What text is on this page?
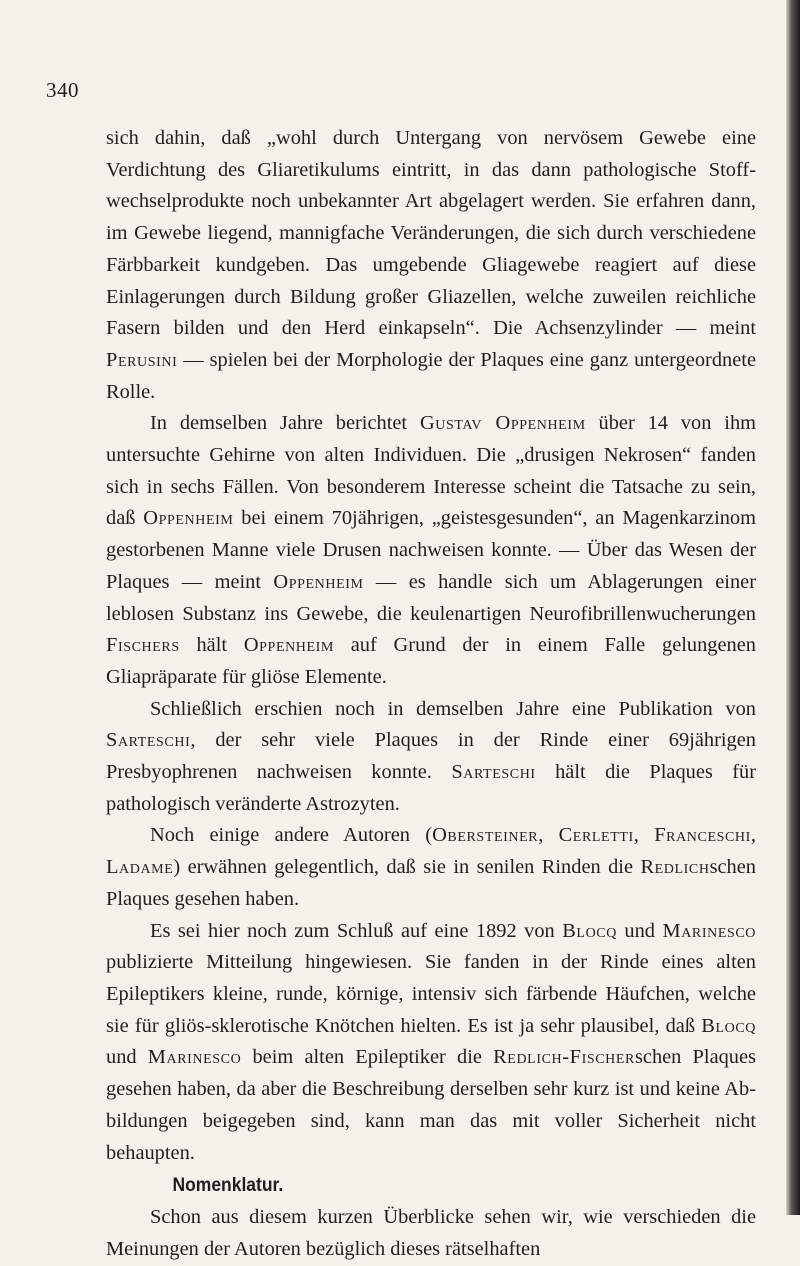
340

sich dahin, daß „wohl durch Untergang von nervösem Gewebe eine Verdichtung des Gliaretikulums eintritt, in das dann pathologische Stoffwechselprodukte noch unbekannter Art abgelagert werden. Sie erfahren dann, im Gewebe liegend, mannigfache Veränderungen, die sich durch verschiedene Färbbarkeit kundgeben. Das umgebende Gliagewebe reagiert auf diese Einlagerungen durch Bildung großer Gliazellen, welche zuweilen reichliche Fasern bilden und den Herd einkapseln“. Die Achsenzylinder — meint Perusini — spielen bei der Morphologie der Plaques eine ganz untergeordnete Rolle.

In demselben Jahre berichtet Gustav Oppenheim über 14 von ihm untersuchte Gehirne von alten Individuen. Die „drusigen Nekrosen“ fanden sich in sechs Fällen. Von besonderem Interesse scheint die Tatsache zu sein, daß Oppenheim bei einem 70jährigen, „geistesgesunden“, an Magenkarzinom gestorbenen Manne viele Drusen nachweisen konnte. — Über das Wesen der Plaques — meint Oppenheim — es handle sich um Ablagerungen einer leblosen Substanz ins Gewebe, die keulenartigen Neurofibrillenwucherungen Fischers hält Oppenheim auf Grund der in einem Falle gelungenen Gliapräparate für gliöse Elemente.

Schließlich erschien noch in demselben Jahre eine Publikation von Sarteschi, der sehr viele Plaques in der Rinde einer 69jährigen Presbyophrenen nachweisen konnte. Sarteschi hält die Plaques für pathologisch veränderte Astrozyten.

Noch einige andere Autoren (Obersteiner, Cerletti, Franceschi, Ladame) erwähnen gelegentlich, daß sie in senilen Rinden die Redlichschen Plaques gesehen haben.

Es sei hier noch zum Schluß auf eine 1892 von Blocq und Marinesco publizierte Mitteilung hingewiesen. Sie fanden in der Rinde eines alten Epileptikers kleine, runde, körnige, intensiv sich färbende Häufchen, welche sie für gliös-sklerotische Knötchen hielten. Es ist ja sehr plausibel, daß Blocq und Marinesco beim alten Epileptiker die Redlich-Fischerschen Plaques gesehen haben, da aber die Beschreibung derselben sehr kurz ist und keine Abbildungen beigegeben sind, kann man das mit voller Sicherheit nicht behaupten.

Nomenklatur.

Schon aus diesem kurzen Überblicke sehen wir, wie verschieden die Meinungen der Autoren bezüglich dieses rätselhaften
